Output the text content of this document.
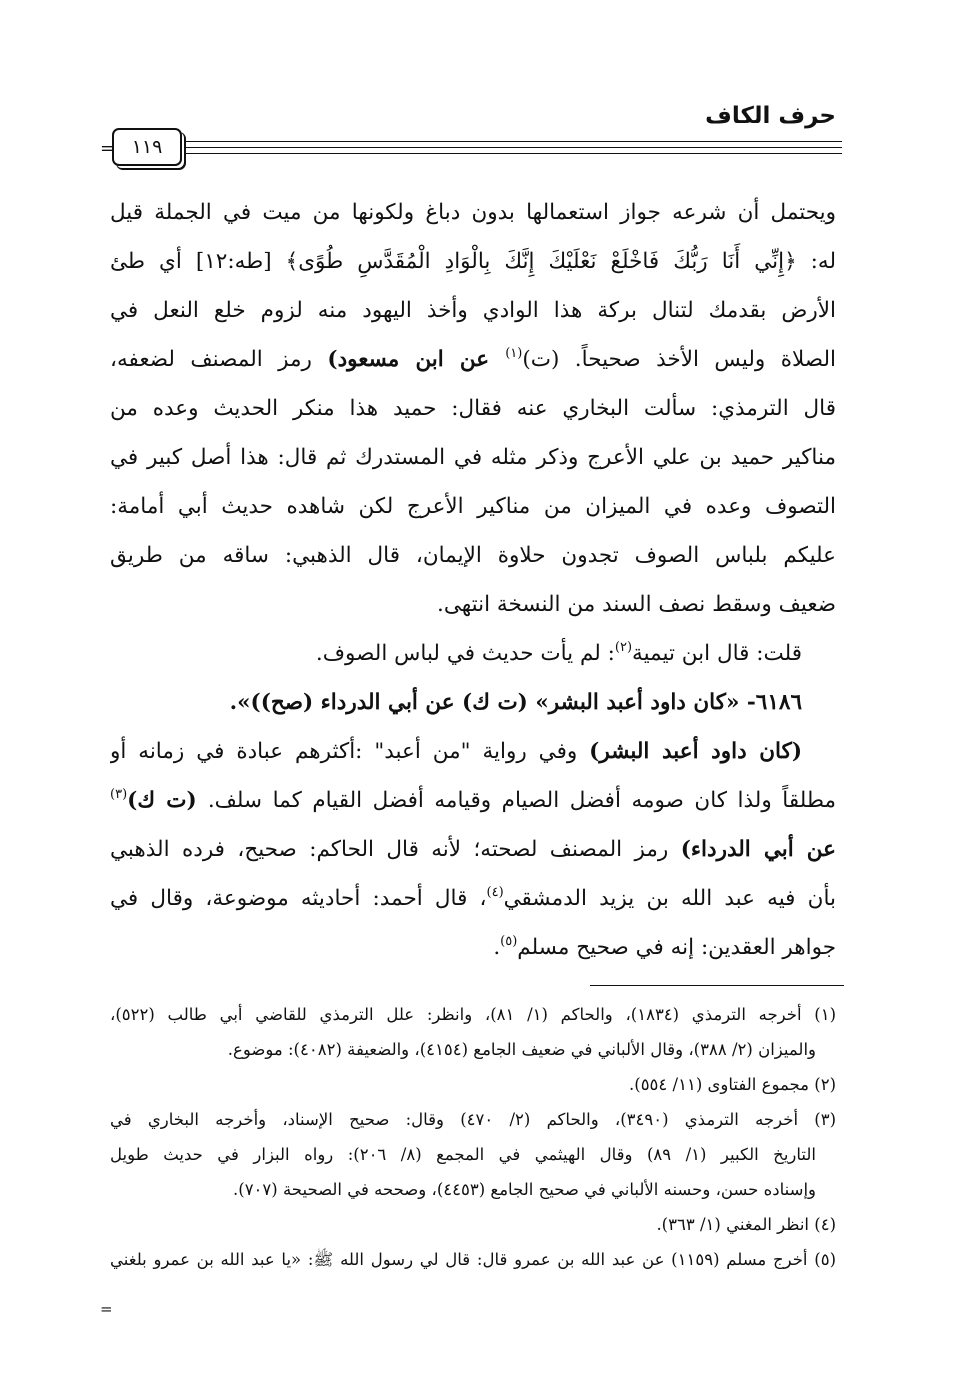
حرف الكاف
= ١١٩
ويحتمل أن شرعه جواز استعمالها بدون دباغ ولكونها من ميت في الجملة قيل
له: ﴿إِنِّي أَنَا رَبُّكَ فَاخْلَعْ نَعْلَيْكَ إِنَّكَ بِالْوَادِ الْمُقَدَّسِ طُوًى﴾ [طه:١٢] أي طئ
الأرض بقدمك لتنال بركة هذا الوادي وأخذ اليهود منه لزوم خلع النعل في
الصلاة وليس الأخذ صحيحاً. (ت)$^{(١)}$ عن ابن مسعود) رمز المصنف لضعفه،
قال الترمذي: سألت البخاري عنه فقال: حميد هذا منكر الحديث وعده من
مناكير حميد بن علي الأعرج وذكر مثله في المستدرك ثم قال: هذا أصل كبير في
التصوف وعده في الميزان من مناكير الأعرج لكن شاهده حديث أبي أمامة:
عليكم بلباس الصوف تجدون حلاوة الإيمان، قال الذهبي: ساقه من طريق
ضعيف وسقط نصف السند من النسخة انتهى.
قلت: قال ابن تيمية$^{(٢)}$: لم يأت حديث في لباس الصوف.
٦١٨٦- «كان داود أعبد البشر» (ت ك) عن أبي الدرداء (صح))».
(كان داود أعبد البشر) وفي رواية "من أعبد" :أكثرهم عبادة في زمانه أو
مطلقاً ولذا كان صومه أفضل الصيام وقيامه أفضل القيام كما سلف. (ت ك)$^{(٣)}$
عن أبي الدرداء) رمز المصنف لصحته؛ لأنه قال الحاكم: صحيح، فرده الذهبي
بأن فيه عبد الله بن يزيد الدمشقي$^{(٤)}$، قال أحمد: أحاديثه موضوعة، وقال في
جواهر العقدين: إنه في صحيح مسلم$^{(٥)}$.
(١) أخرجه الترمذي (١٨٣٤)، والحاكم (١/ ٨١)، وانظر: علل الترمذي للقاضي أبي طالب (٥٢٢)،
والميزان (٢/ ٣٨٨)، وقال الألباني في ضعيف الجامع (٤١٥٤)، والضعيفة (٤٠٨٢): موضوع.
(٢) مجموع الفتاوى (١١/ ٥٥٤).
(٣) أخرجه الترمذي (٣٤٩٠)، والحاكم (٢/ ٤٧٠) وقال: صحيح الإسناد، وأخرجه البخاري في
التاريخ الكبير (١/ ٨٩) وقال الهيثمي في المجمع (٨/ ٢٠٦): رواه البزار في حديث طويل
وإسناده حسن، وحسنه الألباني في صحيح الجامع (٤٤٥٣)، وصححه في الصحيحة (٧٠٧).
(٤) انظر المغني (١/ ٣٦٣).
(٥) أخرج مسلم (١١٥٩) عن عبد الله بن عمرو قال: قال لي رسول الله ﷺ: «يا عبد الله بن عمرو بلغني
=
